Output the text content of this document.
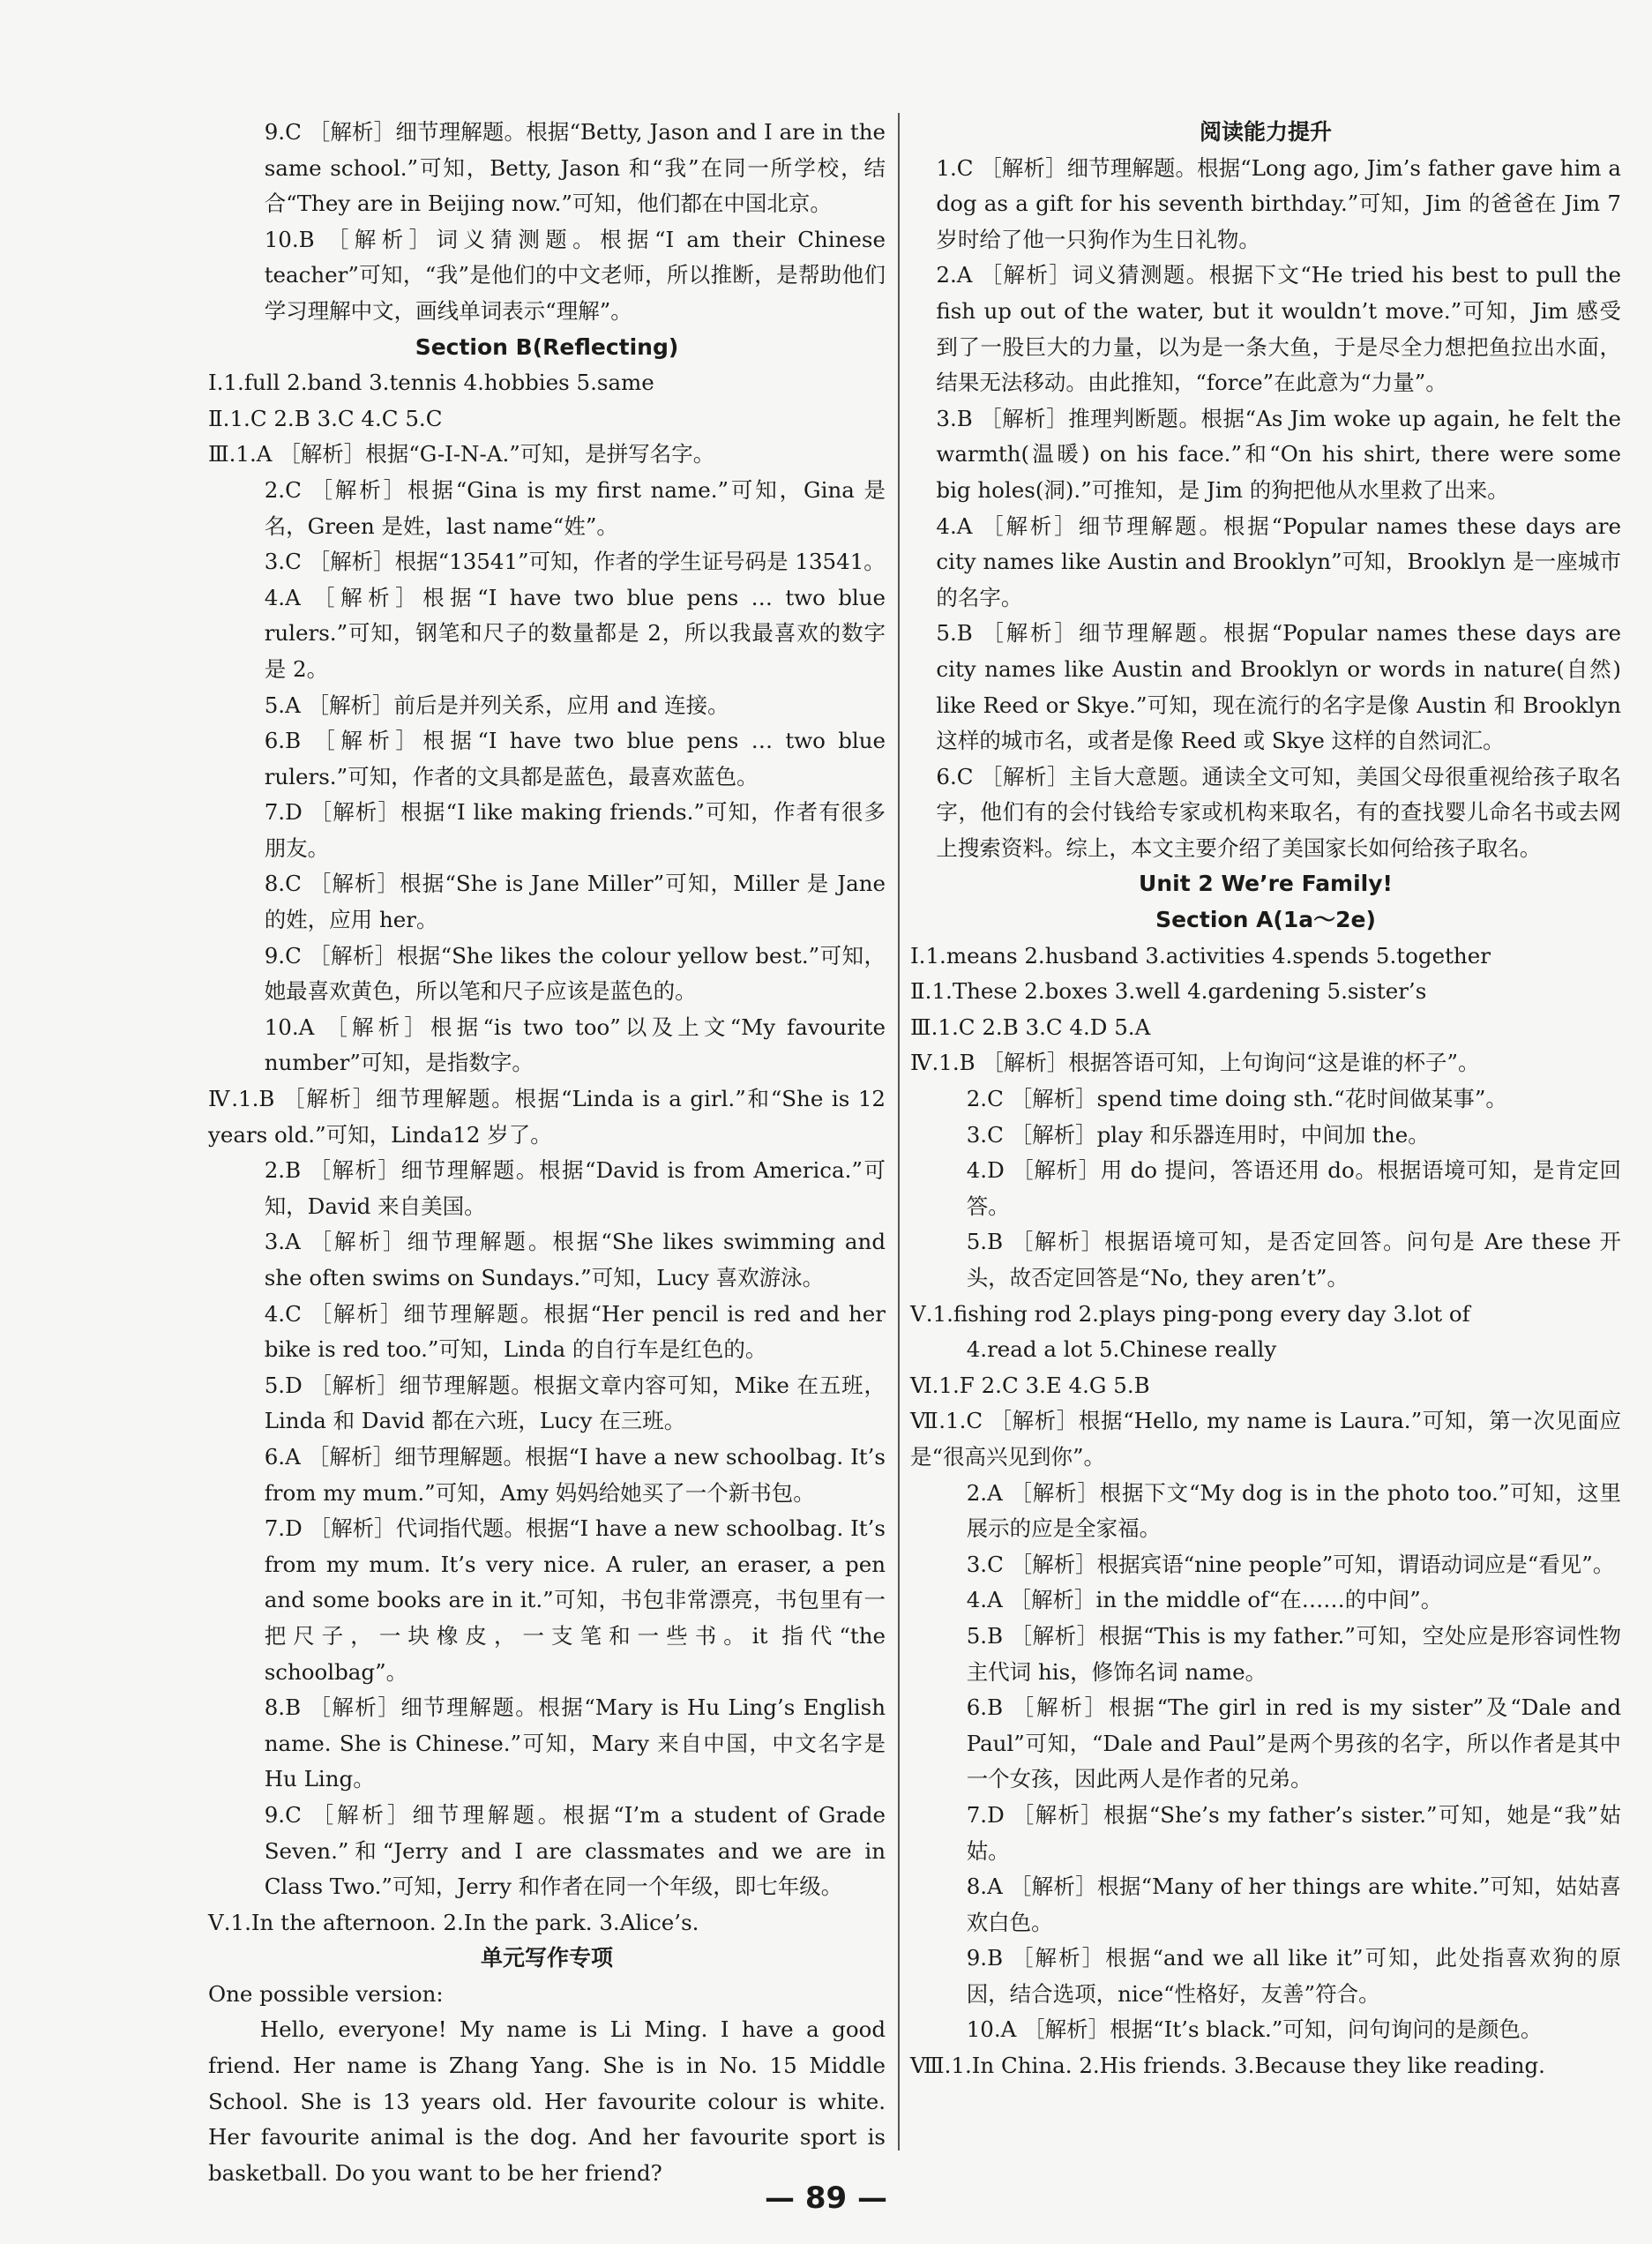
9.C ［解析］细节理解题。根据“Betty, Jason and I are in the same school.”可知，Betty, Jason 和“我”在同一所学校，结合“They are in Beijing now.”可知，他们都在中国北京。

10.B ［解析］词义猜测题。根据“I am their Chinese teacher”可知，“我”是他们的中文老师，所以推断，是帮助他们学习理解中文，画线单词表示“理解”。

Section B(Reflecting)

Ⅰ.1.full 2.band 3.tennis 4.hobbies 5.same

Ⅱ.1.C 2.B 3.C 4.C 5.C

Ⅲ.1.A ［解析］根据“G-I-N-A.”可知，是拼写名字。

2.C ［解析］根据“Gina is my first name.”可知，Gina 是名，Green 是姓，last name“姓”。

3.C ［解析］根据“13541”可知，作者的学生证号码是 13541。

4.A ［解析］根据“I have two blue pens … two blue rulers.”可知，钢笔和尺子的数量都是 2，所以我最喜欢的数字是 2。

5.A ［解析］前后是并列关系，应用 and 连接。

6.B ［解析］根据“I have two blue pens … two blue rulers.”可知，作者的文具都是蓝色，最喜欢蓝色。

7.D ［解析］根据“I like making friends.”可知，作者有很多朋友。

8.C ［解析］根据“She is Jane Miller”可知，Miller 是 Jane 的姓，应用 her。

9.C ［解析］根据“She likes the colour yellow best.”可知，她最喜欢黄色，所以笔和尺子应该是蓝色的。

10.A ［解析］根据“is two too”以及上文“My favourite number”可知，是指数字。

Ⅳ.1.B ［解析］细节理解题。根据“Linda is a girl.”和“She is 12 years old.”可知，Linda12 岁了。

2.B ［解析］细节理解题。根据“David is from America.”可知，David 来自美国。

3.A ［解析］细节理解题。根据“She likes swimming and she often swims on Sundays.”可知，Lucy 喜欢游泳。

4.C ［解析］细节理解题。根据“Her pencil is red and her bike is red too.”可知，Linda 的自行车是红色的。

5.D ［解析］细节理解题。根据文章内容可知，Mike 在五班，Linda 和 David 都在六班，Lucy 在三班。

6.A ［解析］细节理解题。根据“I have a new schoolbag. It’s from my mum.”可知，Amy 妈妈给她买了一个新书包。

7.D ［解析］代词指代题。根据“I have a new schoolbag. It’s from my mum. It’s very nice. A ruler, an eraser, a pen and some books are in it.”可知，书包非常漂亮，书包里有一把尺子，一块橡皮，一支笔和一些书。it 指代“the schoolbag”。

8.B ［解析］细节理解题。根据“Mary is Hu Ling’s English name. She is Chinese.”可知，Mary 来自中国，中文名字是 Hu Ling。

9.C ［解析］细节理解题。根据“I’m a student of Grade Seven.”和“Jerry and I are classmates and we are in Class Two.”可知，Jerry 和作者在同一个年级，即七年级。

Ⅴ.1.In the afternoon. 2.In the park. 3.Alice’s.

单元写作专项

One possible version:

Hello, everyone! My name is Li Ming. I have a good friend. Her name is Zhang Yang. She is in No. 15 Middle School. She is 13 years old. Her favourite colour is white. Her favourite animal is the dog. And her favourite sport is basketball. Do you want to be her friend?

阅读能力提升

1.C ［解析］细节理解题。根据“Long ago, Jim’s father gave him a dog as a gift for his seventh birthday.”可知，Jim 的爸爸在 Jim 7 岁时给了他一只狗作为生日礼物。

2.A ［解析］词义猜测题。根据下文“He tried his best to pull the fish up out of the water, but it wouldn’t move.”可知，Jim 感受到了一股巨大的力量，以为是一条大鱼，于是尽全力想把鱼拉出水面，结果无法移动。由此推知，“force”在此意为“力量”。

3.B ［解析］推理判断题。根据“As Jim woke up again, he felt the warmth(温暖) on his face.”和“On his shirt, there were some big holes(洞).”可推知，是 Jim 的狗把他从水里救了出来。

4.A ［解析］细节理解题。根据“Popular names these days are city names like Austin and Brooklyn”可知，Brooklyn 是一座城市的名字。

5.B ［解析］细节理解题。根据“Popular names these days are city names like Austin and Brooklyn or words in nature(自然) like Reed or Skye.”可知，现在流行的名字是像 Austin 和 Brooklyn 这样的城市名，或者是像 Reed 或 Skye 这样的自然词汇。

6.C ［解析］主旨大意题。通读全文可知，美国父母很重视给孩子取名字，他们有的会付钱给专家或机构来取名，有的查找婴儿命名书或去网上搜索资料。综上，本文主要介绍了美国家长如何给孩子取名。

Unit 2 We’re Family!

Section A(1a～2e)

Ⅰ.1.means 2.husband 3.activities 4.spends 5.together

Ⅱ.1.These 2.boxes 3.well 4.gardening 5.sister’s

Ⅲ.1.C 2.B 3.C 4.D 5.A

Ⅳ.1.B ［解析］根据答语可知，上句询问“这是谁的杯子”。

2.C ［解析］spend time doing sth.“花时间做某事”。

3.C ［解析］play 和乐器连用时，中间加 the。

4.D ［解析］用 do 提问，答语还用 do。根据语境可知，是肯定回答。

5.B ［解析］根据语境可知，是否定回答。问句是 Are these 开头，故否定回答是“No, they aren’t”。

Ⅴ.1.fishing rod 2.plays ping-pong every day 3.lot of

4.read a lot 5.Chinese really

Ⅵ.1.F 2.C 3.E 4.G 5.B

Ⅶ.1.C ［解析］根据“Hello, my name is Laura.”可知，第一次见面应是“很高兴见到你”。

2.A ［解析］根据下文“My dog is in the photo too.”可知，这里展示的应是全家福。

3.C ［解析］根据宾语“nine people”可知，谓语动词应是“看见”。

4.A ［解析］in the middle of“在……的中间”。

5.B ［解析］根据“This is my father.”可知，空处应是形容词性物主代词 his，修饰名词 name。

6.B ［解析］根据“The girl in red is my sister”及“Dale and Paul”可知，“Dale and Paul”是两个男孩的名字，所以作者是其中一个女孩，因此两人是作者的兄弟。

7.D ［解析］根据“She’s my father’s sister.”可知，她是“我”姑姑。

8.A ［解析］根据“Many of her things are white.”可知，姑姑喜欢白色。

9.B ［解析］根据“and we all like it”可知，此处指喜欢狗的原因，结合选项，nice“性格好，友善”符合。

10.A ［解析］根据“It’s black.”可知，问句询问的是颜色。

Ⅷ.1.In China. 2.His friends. 3.Because they like reading.

— 89 —
